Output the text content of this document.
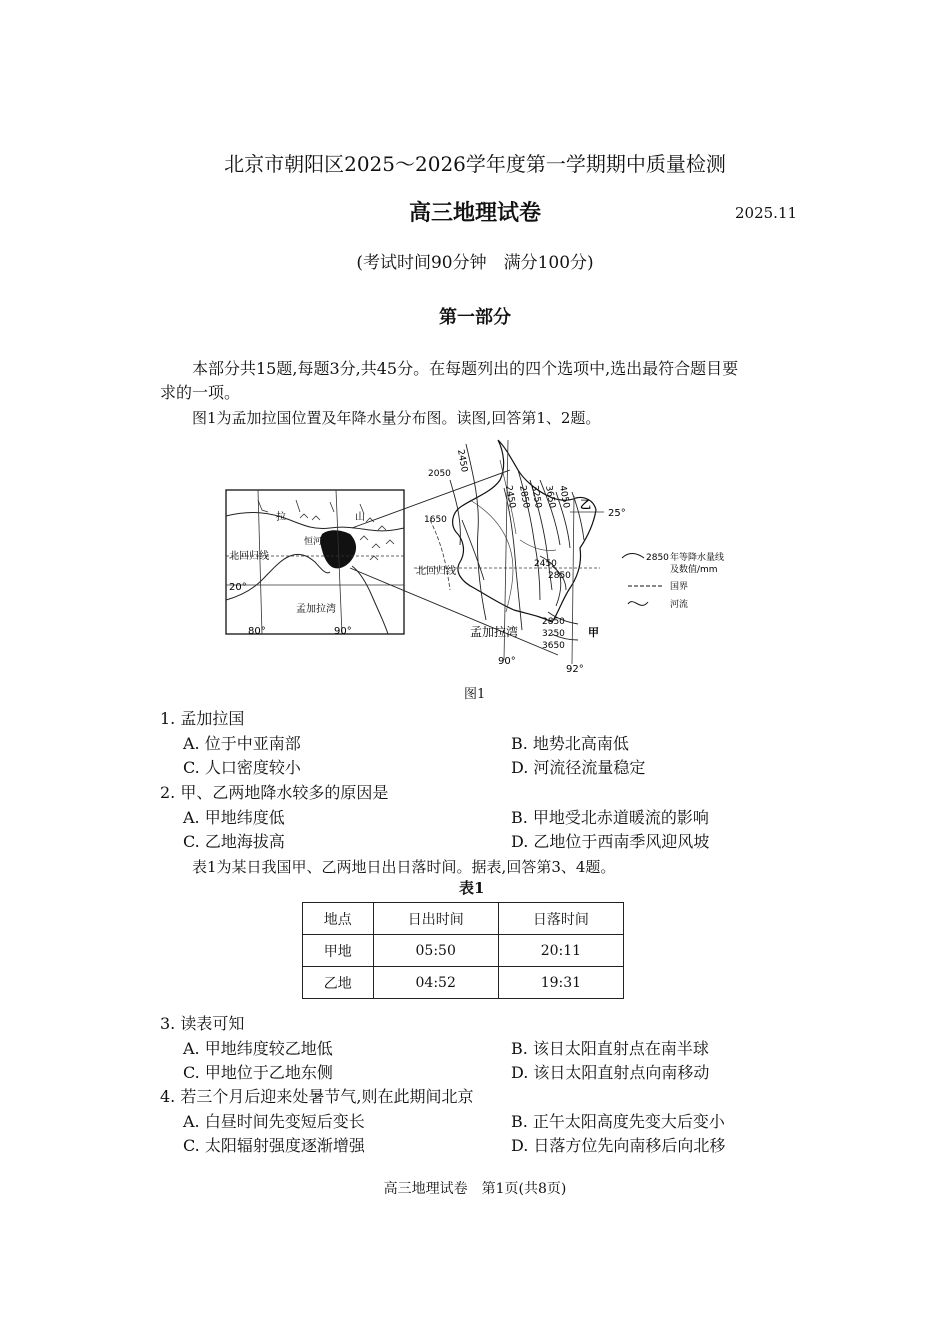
北京市朝阳区2025～2026学年度第一学期期中质量检测
高三地理试卷	2025.11
(考试时间90分钟　满分100分)
第一部分
本部分共15题,每题3分,共45分。在每题列出的四个选项中,选出最符合题目要
求的一项。
图1为孟加拉国位置及年降水量分布图。读图,回答第1、2题。
拉	山
恒河
北回归线
20°
孟加拉湾
80°	90°
2450
2050
1650
2450 2850
3250 3650 4050
2450
2850
2850
3250
3650
乙
25°
北回归线
孟加拉湾	甲
90°
92°
2850 年等降水量线
及数值/mm
国界
河流
图1
1. 孟加拉国
A. 位于中亚南部	B. 地势北高南低
C. 人口密度较小	D. 河流径流量稳定
2. 甲、乙两地降水较多的原因是
A. 甲地纬度低	B. 甲地受北赤道暖流的影响
C. 乙地海拔高	D. 乙地位于西南季风迎风坡
表1为某日我国甲、乙两地日出日落时间。据表,回答第3、4题。
表1
地点	日出时间	日落时间
甲地	05:50	20:11
乙地	04:52	19:31
3. 读表可知
A. 甲地纬度较乙地低	B. 该日太阳直射点在南半球
C. 甲地位于乙地东侧	D. 该日太阳直射点向南移动
4. 若三个月后迎来处暑节气,则在此期间北京
A. 白昼时间先变短后变长	B. 正午太阳高度先变大后变小
C. 太阳辐射强度逐渐增强	D. 日落方位先向南移后向北移
高三地理试卷　第1页(共8页)
